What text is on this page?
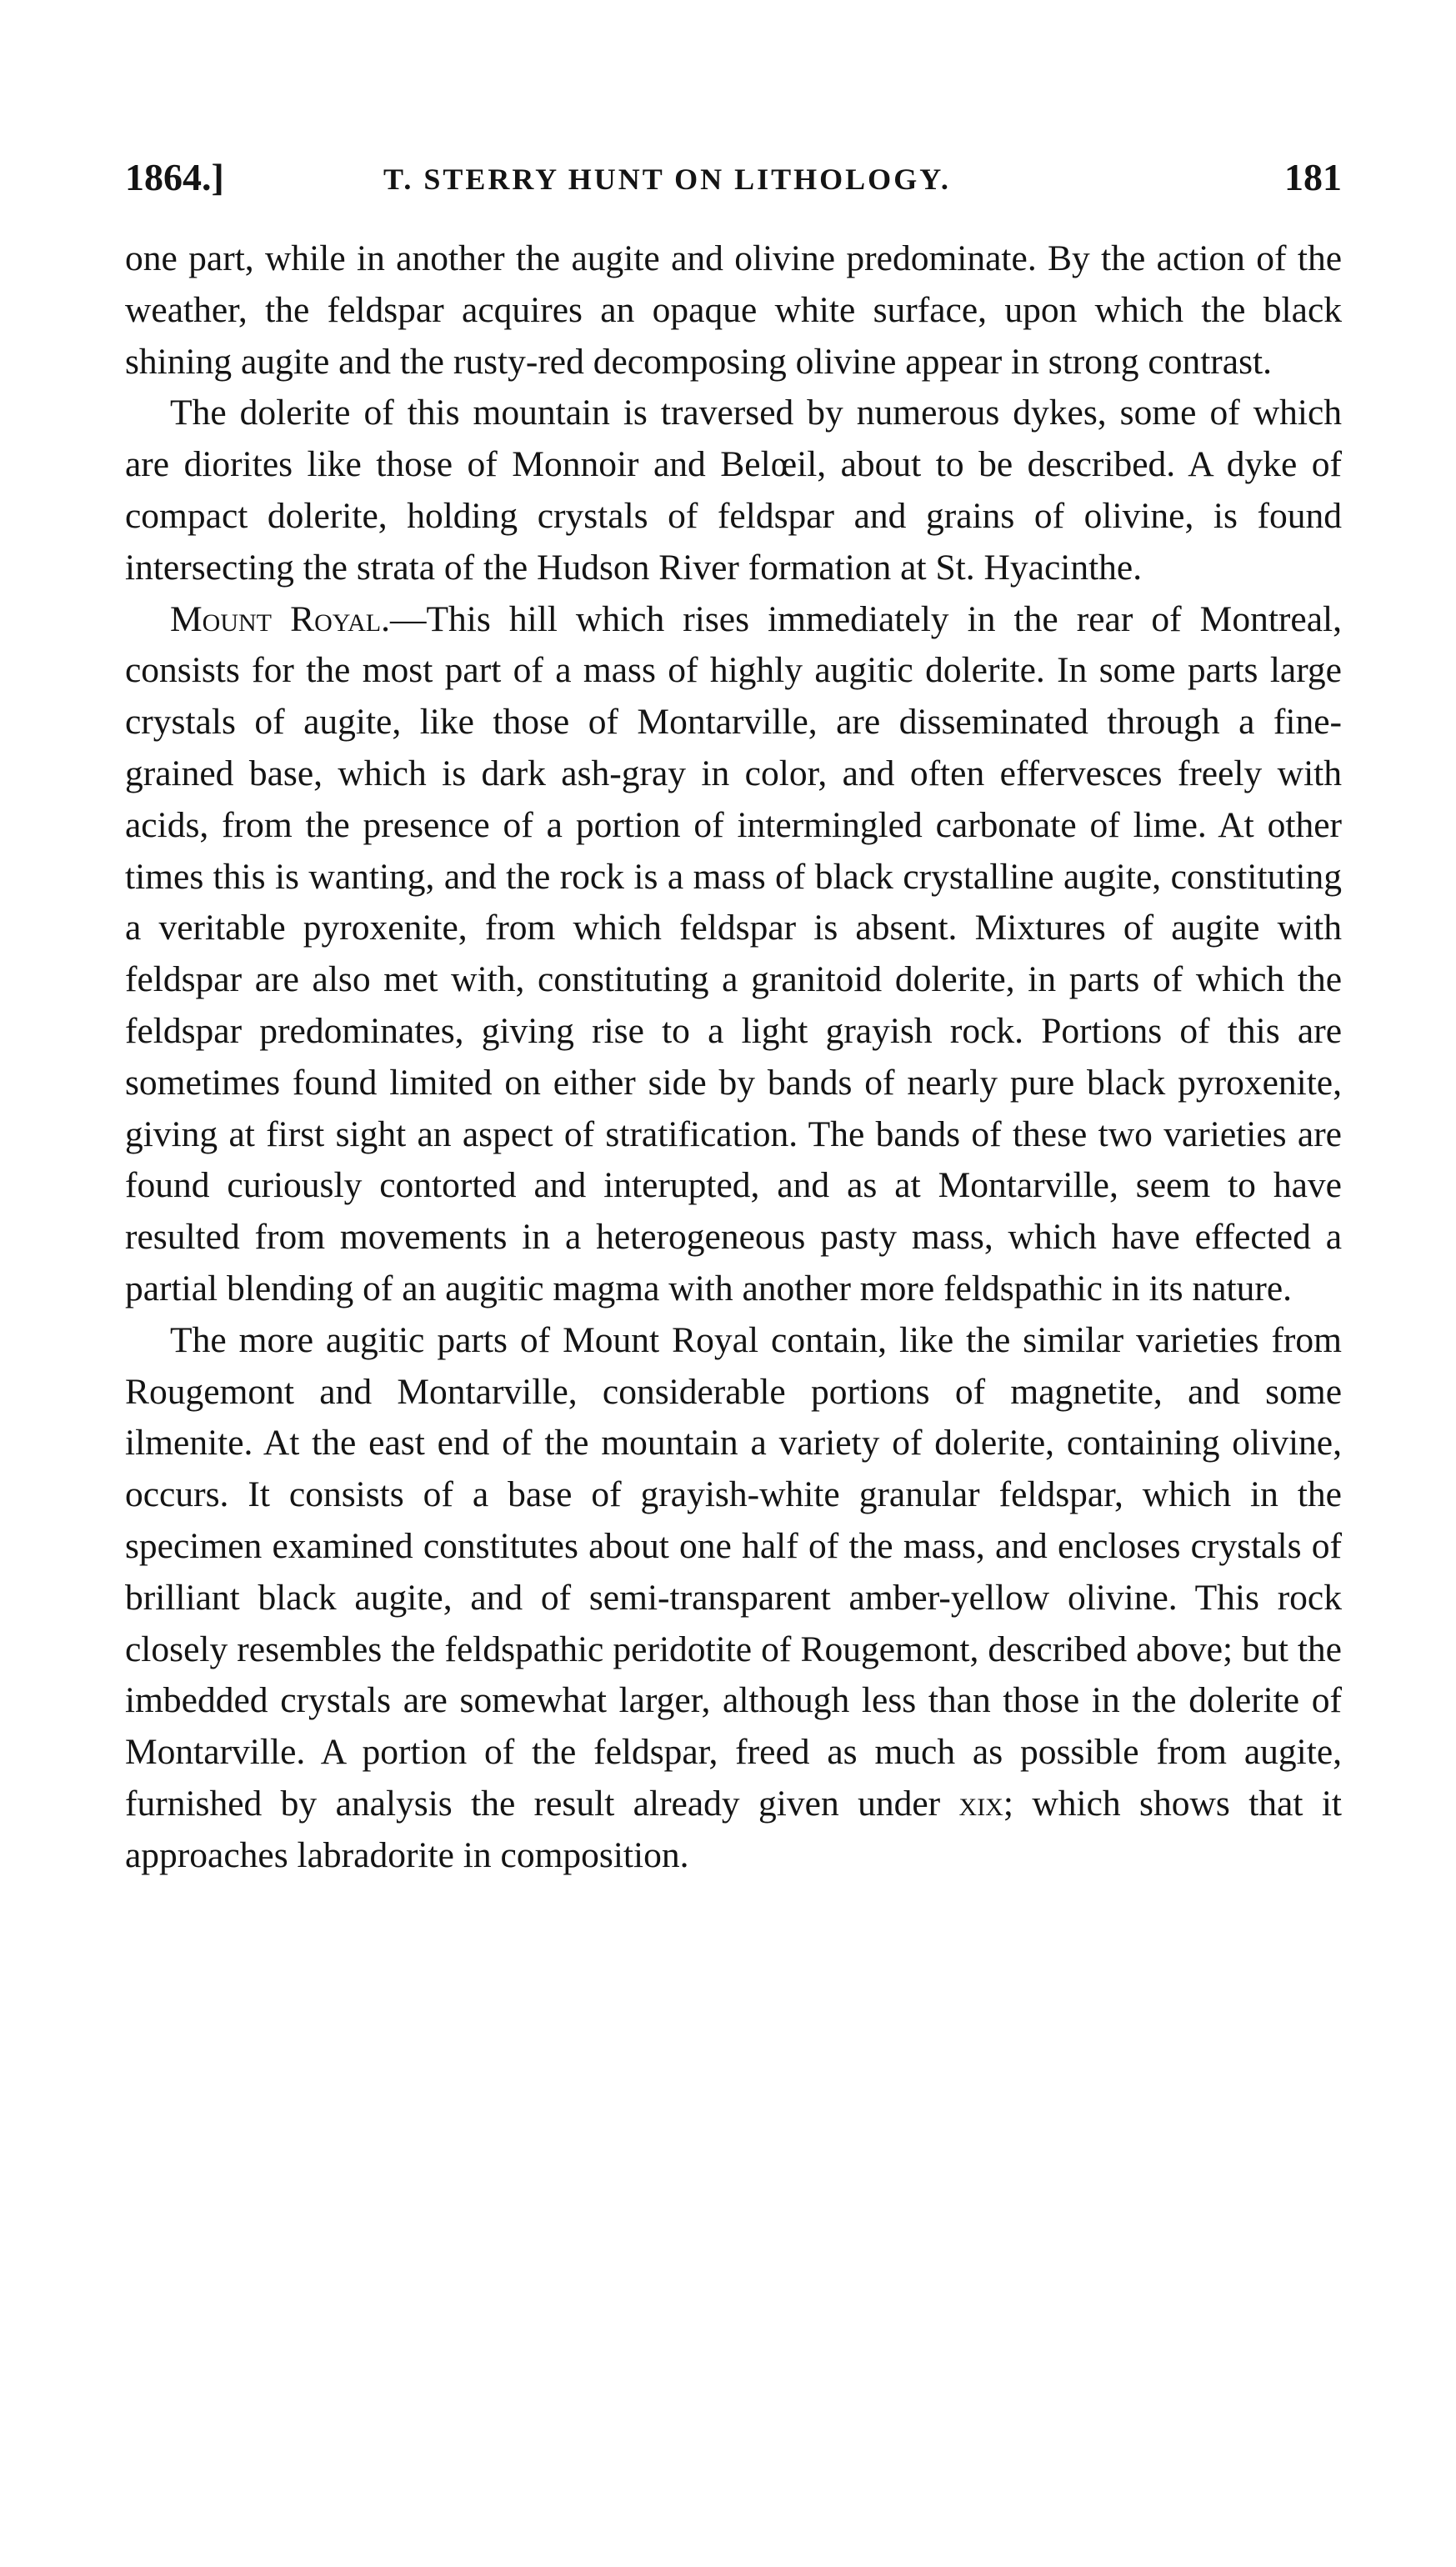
1864.]	T. STERRY HUNT ON LITHOLOGY.	181

one part, while in another the augite and olivine predominate. By the action of the weather, the feldspar acquires an opaque white surface, upon which the black shining augite and the rusty-red decomposing olivine appear in strong contrast.

The dolerite of this mountain is traversed by numerous dykes, some of which are diorites like those of Monnoir and Belœil, about to be described. A dyke of compact dolerite, holding crystals of feldspar and grains of olivine, is found intersecting the strata of the Hudson River formation at St. Hyacinthe.

Mount Royal.—This hill which rises immediately in the rear of Montreal, consists for the most part of a mass of highly augitic dolerite. In some parts large crystals of augite, like those of Montarville, are disseminated through a fine-grained base, which is dark ash-gray in color, and often effervesces freely with acids, from the presence of a portion of intermingled carbonate of lime. At other times this is wanting, and the rock is a mass of black crystalline augite, constituting a veritable pyroxenite, from which feldspar is absent. Mixtures of augite with feldspar are also met with, constituting a granitoid dolerite, in parts of which the feldspar predominates, giving rise to a light grayish rock. Portions of this are sometimes found limited on either side by bands of nearly pure black pyroxenite, giving at first sight an aspect of stratification. The bands of these two varieties are found curiously contorted and interupted, and as at Montarville, seem to have resulted from movements in a heterogeneous pasty mass, which have effected a partial blending of an augitic magma with another more feldspathic in its nature.

The more augitic parts of Mount Royal contain, like the similar varieties from Rougemont and Montarville, considerable portions of magnetite, and some ilmenite. At the east end of the mountain a variety of dolerite, containing olivine, occurs. It consists of a base of grayish-white granular feldspar, which in the specimen examined constitutes about one half of the mass, and encloses crystals of brilliant black augite, and of semi-transparent amber-yellow olivine. This rock closely resembles the feldspathic peridotite of Rougemont, described above; but the imbedded crystals are somewhat larger, although less than those in the dolerite of Montarville. A portion of the feldspar, freed as much as possible from augite, furnished by analysis the result already given under xix; which shows that it approaches labradorite in composition.
